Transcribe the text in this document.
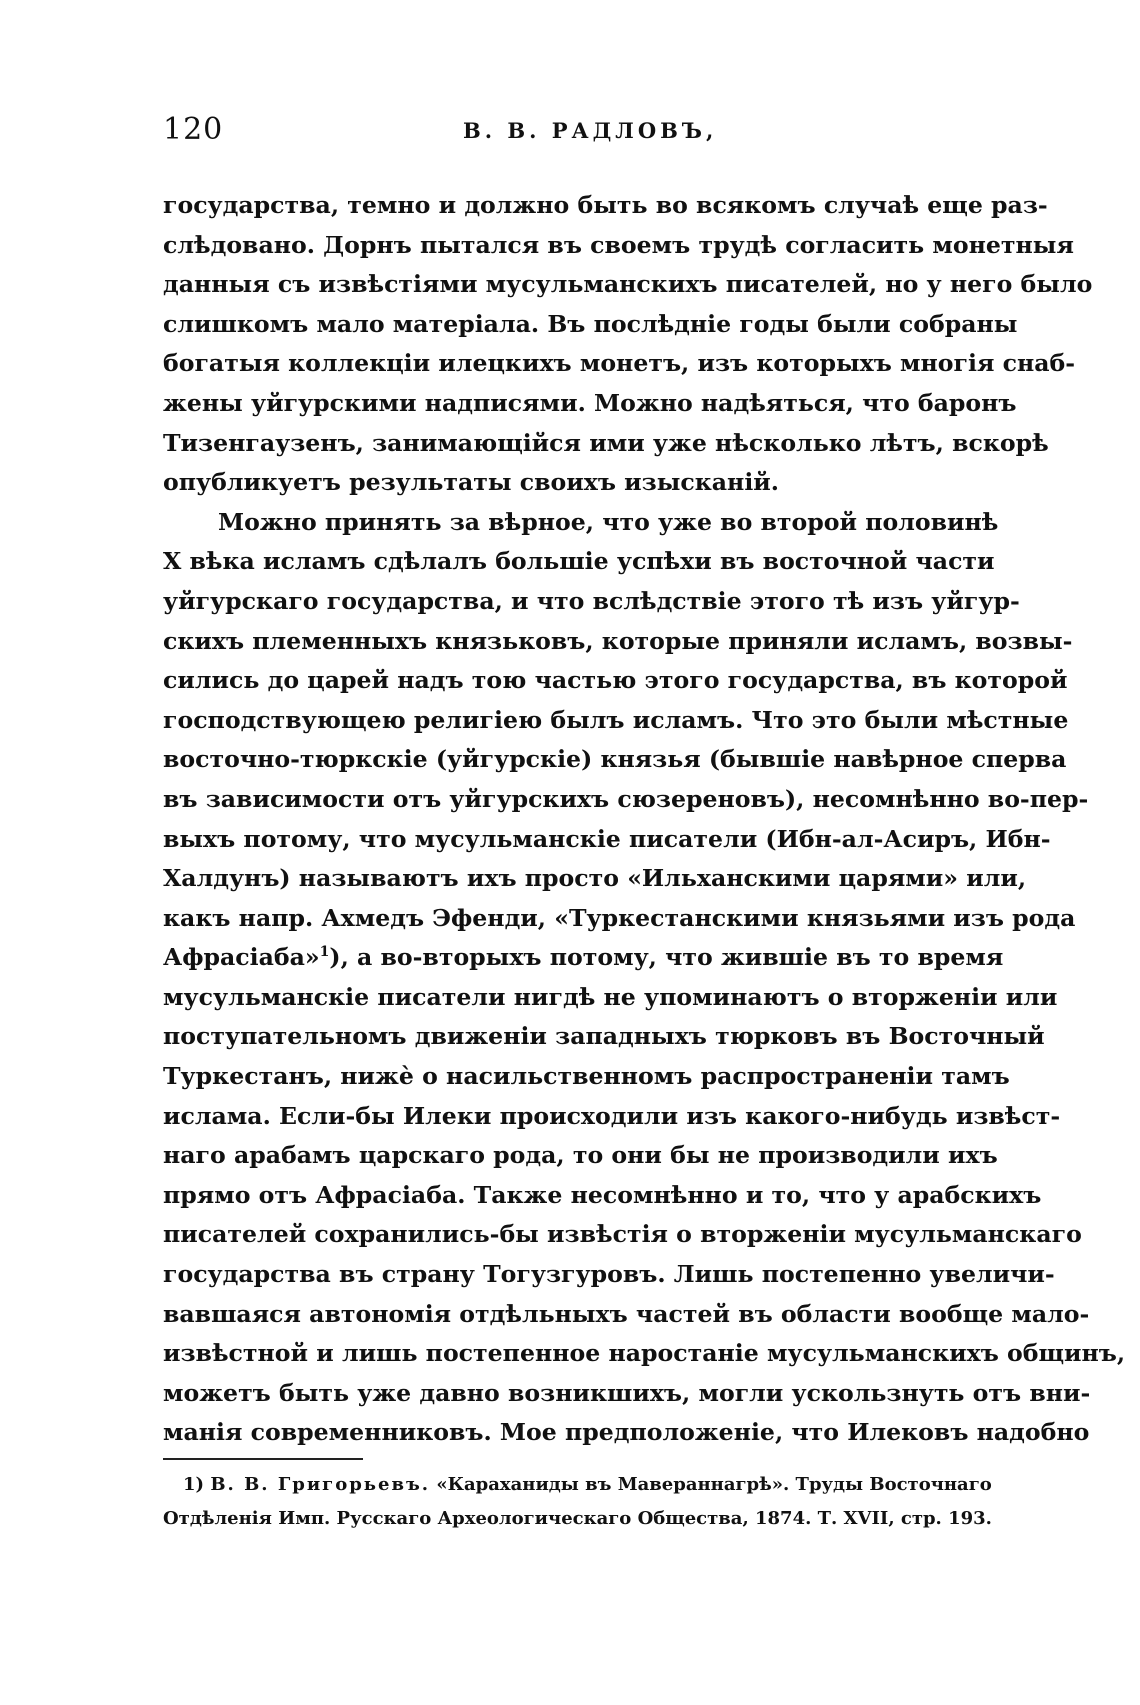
120	В. В. РАДЛОВЪ,
государства, темно и должно быть во всякомъ случаѣ еще раз-
слѣдовано. Дорнъ пытался въ своемъ трудѣ согласить монетныя
данныя съ извѣстіями мусульманскихъ писателей, но у него было
слишкомъ мало матеріала. Въ послѣдніе годы были собраны
богатыя коллекціи илецкихъ монетъ, изъ которыхъ многія снаб-
жены уйгурскими надписями. Можно надѣяться, что баронъ
Тизенгаузенъ, занимающійся ими уже нѣсколько лѣтъ, вскорѣ
опубликуетъ результаты своихъ изысканій.
Можно принять за вѣрное, что уже во второй половинѣ
X вѣка исламъ сдѣлалъ большіе успѣхи въ восточной части
уйгурскаго государства, и что вслѣдствіе этого тѣ изъ уйгур-
скихъ племенныхъ князьковъ, которые приняли исламъ, возвы-
сились до царей надъ тою частью этого государства, въ которой
господствующею религіею былъ исламъ. Что это были мѣстные
восточно-тюркскіе (уйгурскіе) князья (бывшіе навѣрное сперва
въ зависимости отъ уйгурскихъ сюзереновъ), несомнѣнно во-пер-
выхъ потому, что мусульманскіе писатели (Ибн-ал-Асиръ, Ибн-
Халдунъ) называютъ ихъ просто «Ильханскими царями» или,
какъ напр. Ахмедъ Эфенди, «Туркестанскими князьями изъ рода
Афрасіаба»$^1$), а во-вторыхъ потому, что жившіе въ то время
мусульманскіе писатели нигдѣ не упоминаютъ о вторженіи или
поступательномъ движеніи западныхъ тюрковъ въ Восточный
Туркестанъ, нижѐ о насильственномъ распространеніи тамъ
ислама. Если-бы Илеки происходили изъ какого-нибудь извѣст-
наго арабамъ царскаго рода, то они бы не производили ихъ
прямо отъ Афрасіаба. Также несомнѣнно и то, что у арабскихъ
писателей сохранились-бы извѣстія о вторженіи мусульманскаго
государства въ страну Тогузгуровъ. Лишь постепенно увеличи-
вавшаяся автономія отдѣльныхъ частей въ области вообще мало-
извѣстной и лишь постепенное наростаніе мусульманскихъ общинъ,
можетъ быть уже давно возникшихъ, могли ускользнуть отъ вни-
манія современниковъ. Мое предположеніе, что Илековъ надобно
1) В. В. Григорьевъ. «Караханиды въ Мавераннагрѣ». Труды Восточнаго
Отдѣленія Имп. Русскаго Археологическаго Общества, 1874. Т. XVII, стр. 193.
